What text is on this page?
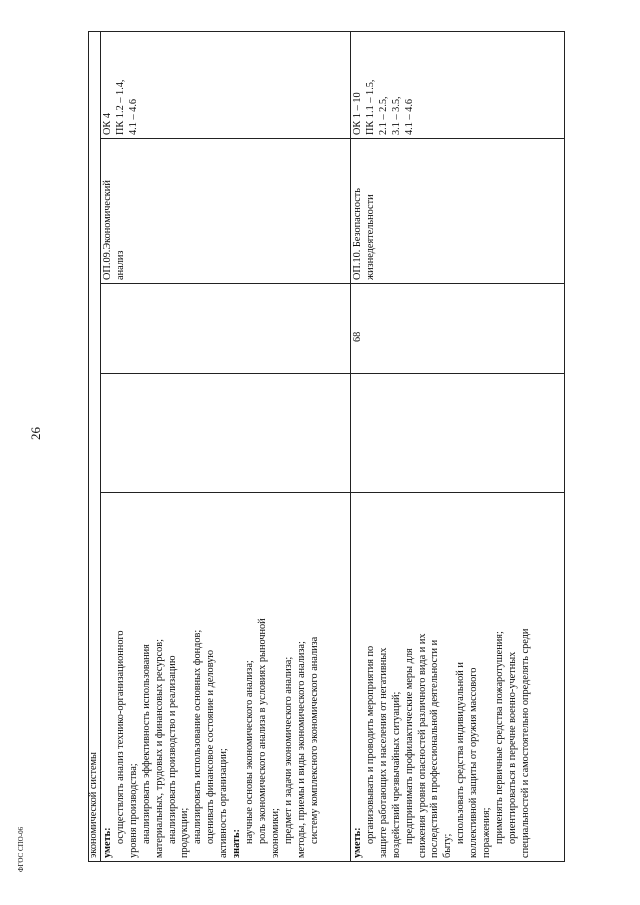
26
ФГОС СПО-06	экономической системы уметь: осуществлять анализ технико-организационного уровня производства; анализировать эффективность использования материальных, трудовых и финансовых ресурсов; анализировать производство и реализацию продукции; анализировать использование основных фондов; оценивать финансовое состояние и деловую активность организации; знать: научные основы экономического анализа; роль экономического анализа в условиях рыночной экономики; предмет и задачи экономического анализа; методы, приемы и виды экономического анализа; систему комплексного экономического анализа
ОП.09.Экономический анализ
ОК 4 ПК 1.2 – 1.4, 4.1 – 4.6
уметь: организовывать и проводить мероприятия по защите работающих и населения от негативных воздействий чрезвычайных ситуаций; предпринимать профилактические меры для снижения уровня опасностей различного вида и их последствий в профессиональной деятельности и быту;
использовать средства индивидуальной и коллективной защиты от оружия массового поражения; применять первичные средства пожаротушения; ориентироваться в перечне военно-учетных специальностей и самостоятельно определять среди
68
ОП.10. Безопасность жизнедеятельности
ОК 1 – 10 ПК 1.1 – 1.5, 2.1 – 2.5, 3.1 – 3.5, 4.1 – 4.6
